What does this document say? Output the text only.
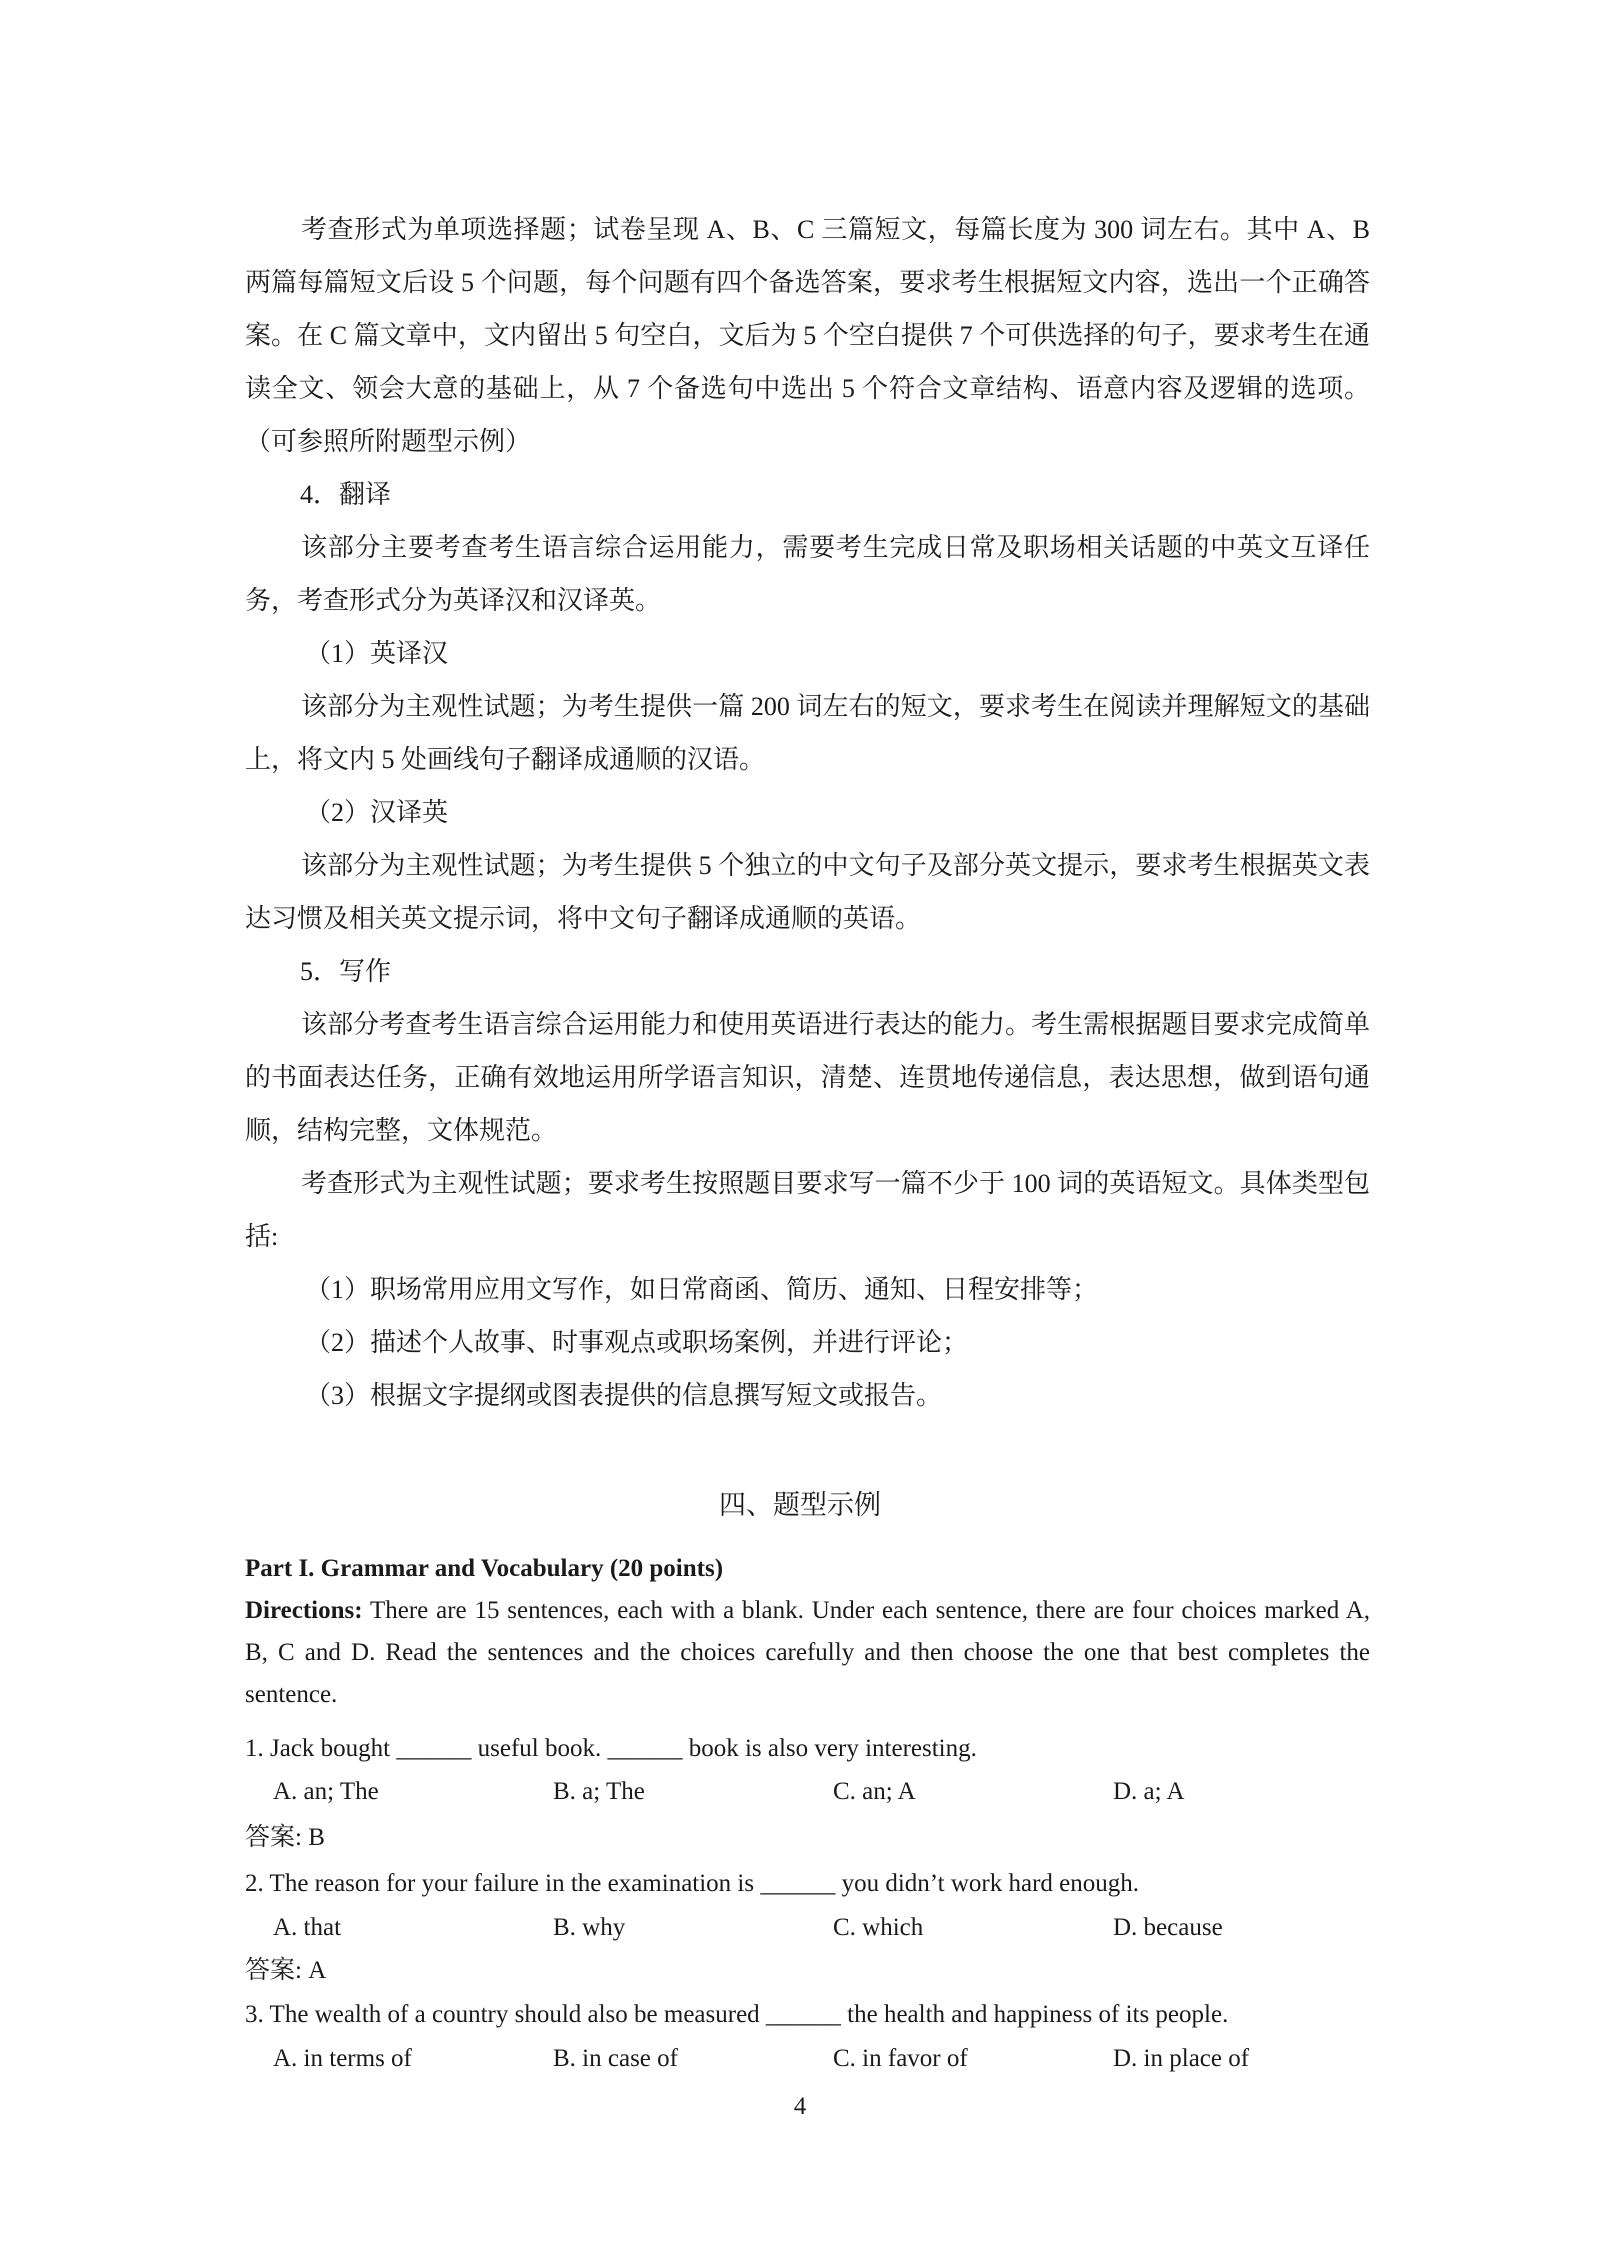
考查形式为单项选择题；试卷呈现 A、B、C 三篇短文，每篇长度为 300 词左右。其中 A、B 两篇每篇短文后设 5 个问题，每个问题有四个备选答案，要求考生根据短文内容，选出一个正确答案。在 C 篇文章中，文内留出 5 句空白，文后为 5 个空白提供 7 个可供选择的句子，要求考生在通读全文、领会大意的基础上，从 7 个备选句中选出 5 个符合文章结构、语意内容及逻辑的选项。（可参照所附题型示例）

4．翻译

该部分主要考查考生语言综合运用能力，需要考生完成日常及职场相关话题的中英文互译任务，考查形式分为英译汉和汉译英。

（1）英译汉

该部分为主观性试题；为考生提供一篇 200 词左右的短文，要求考生在阅读并理解短文的基础上，将文内 5 处画线句子翻译成通顺的汉语。

（2）汉译英

该部分为主观性试题；为考生提供 5 个独立的中文句子及部分英文提示，要求考生根据英文表达习惯及相关英文提示词，将中文句子翻译成通顺的英语。

5．写作

该部分考查考生语言综合运用能力和使用英语进行表达的能力。考生需根据题目要求完成简单的书面表达任务，正确有效地运用所学语言知识，清楚、连贯地传递信息，表达思想，做到语句通顺，结构完整，文体规范。

考查形式为主观性试题；要求考生按照题目要求写一篇不少于 100 词的英语短文。具体类型包括:

（1）职场常用应用文写作，如日常商函、简历、通知、日程安排等；

（2）描述个人故事、时事观点或职场案例，并进行评论；

（3）根据文字提纲或图表提供的信息撰写短文或报告。

四、题型示例

Part I. Grammar and Vocabulary (20 points)

Directions: There are 15 sentences, each with a blank. Under each sentence, there are four choices marked A, B, C and D. Read the sentences and the choices carefully and then choose the one that best completes the sentence.

1. Jack bought ______ useful book. ______ book is also very interesting.

A. an; The	B. a; The	C. an; A	D. a; A

答案: B

2. The reason for your failure in the examination is ______ you didn’t work hard enough.

A. that	B. why	C. which	D. because

答案: A

3. The wealth of a country should also be measured ______ the health and happiness of its people.

A. in terms of	B. in case of	C. in favor of	D. in place of
4
